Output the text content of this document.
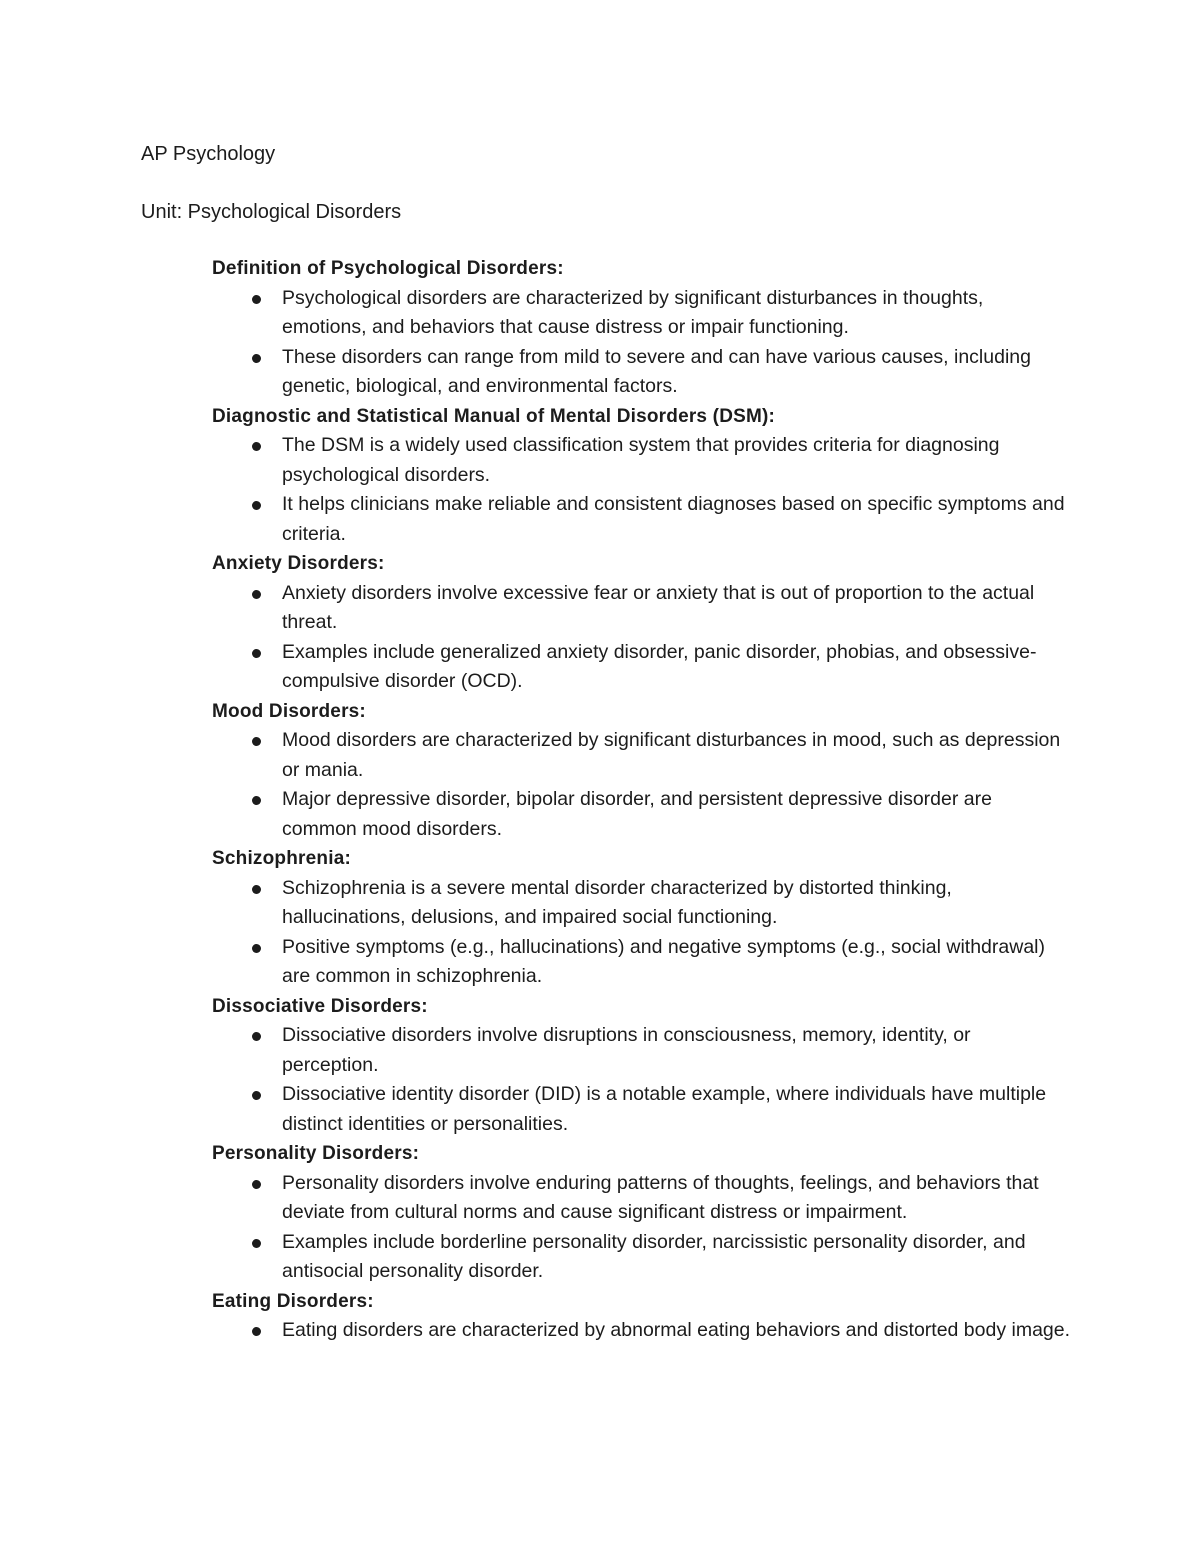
AP Psychology
Unit: Psychological Disorders
Definition of Psychological Disorders:
Psychological disorders are characterized by significant disturbances in thoughts, emotions, and behaviors that cause distress or impair functioning.
These disorders can range from mild to severe and can have various causes, including genetic, biological, and environmental factors.
Diagnostic and Statistical Manual of Mental Disorders (DSM):
The DSM is a widely used classification system that provides criteria for diagnosing psychological disorders.
It helps clinicians make reliable and consistent diagnoses based on specific symptoms and criteria.
Anxiety Disorders:
Anxiety disorders involve excessive fear or anxiety that is out of proportion to the actual threat.
Examples include generalized anxiety disorder, panic disorder, phobias, and obsessive-compulsive disorder (OCD).
Mood Disorders:
Mood disorders are characterized by significant disturbances in mood, such as depression or mania.
Major depressive disorder, bipolar disorder, and persistent depressive disorder are common mood disorders.
Schizophrenia:
Schizophrenia is a severe mental disorder characterized by distorted thinking, hallucinations, delusions, and impaired social functioning.
Positive symptoms (e.g., hallucinations) and negative symptoms (e.g., social withdrawal) are common in schizophrenia.
Dissociative Disorders:
Dissociative disorders involve disruptions in consciousness, memory, identity, or perception.
Dissociative identity disorder (DID) is a notable example, where individuals have multiple distinct identities or personalities.
Personality Disorders:
Personality disorders involve enduring patterns of thoughts, feelings, and behaviors that deviate from cultural norms and cause significant distress or impairment.
Examples include borderline personality disorder, narcissistic personality disorder, and antisocial personality disorder.
Eating Disorders:
Eating disorders are characterized by abnormal eating behaviors and distorted body image.
